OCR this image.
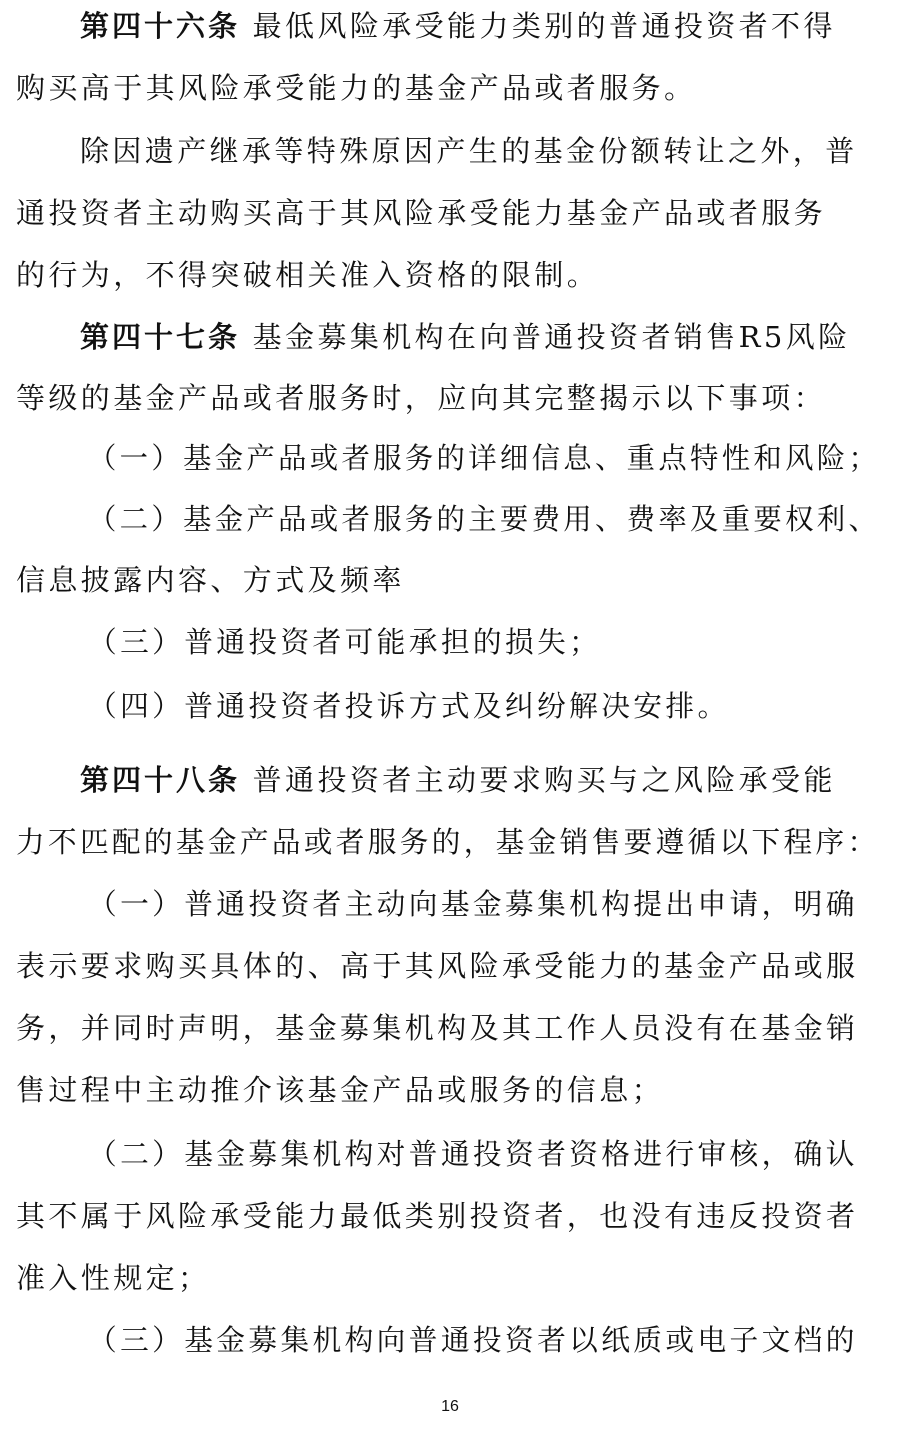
第四十六条 最低风险承受能力类别的普通投资者不得
购买高于其风险承受能力的基金产品或者服务。
除因遗产继承等特殊原因产生的基金份额转让之外，普
通投资者主动购买高于其风险承受能力基金产品或者服务
的行为，不得突破相关准入资格的限制。
第四十七条 基金募集机构在向普通投资者销售R5风险
等级的基金产品或者服务时，应向其完整揭示以下事项：
（一）基金产品或者服务的详细信息、重点特性和风险；
（二）基金产品或者服务的主要费用、费率及重要权利、
信息披露内容、方式及频率
（三）普通投资者可能承担的损失；
（四）普通投资者投诉方式及纠纷解决安排。
第四十八条 普通投资者主动要求购买与之风险承受能
力不匹配的基金产品或者服务的，基金销售要遵循以下程序：
（一）普通投资者主动向基金募集机构提出申请，明确
表示要求购买具体的、高于其风险承受能力的基金产品或服
务，并同时声明，基金募集机构及其工作人员没有在基金销
售过程中主动推介该基金产品或服务的信息；
（二）基金募集机构对普通投资者资格进行审核，确认
其不属于风险承受能力最低类别投资者，也没有违反投资者
准入性规定；
（三）基金募集机构向普通投资者以纸质或电子文档的
16
